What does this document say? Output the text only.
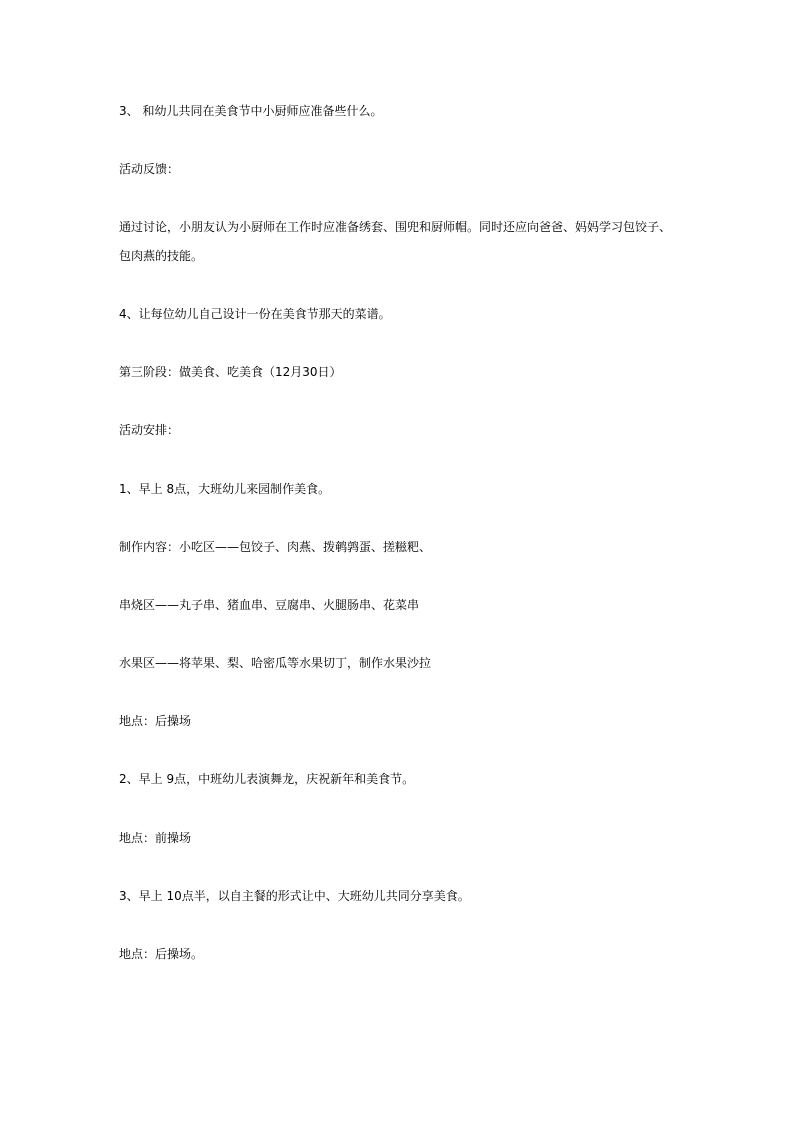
3、 和幼儿共同在美食节中小厨师应准备些什么。
活动反馈：
通过讨论，小朋友认为小厨师在工作时应准备绣套、围兜和厨师帽。同时还应向爸爸、妈妈学习包饺子、
包肉燕的技能。
4、让每位幼儿自己设计一份在美食节那天的菜谱。
第三阶段：做美食、吃美食（12月30日）
活动安排：
1、早上 8点，大班幼儿来园制作美食。
制作内容：小吃区——包饺子、肉燕、拨鹌鹑蛋、搓糍粑、
串烧区——丸子串、猪血串、豆腐串、火腿肠串、花菜串
水果区——将苹果、梨、哈密瓜等水果切丁，制作水果沙拉
地点：后操场
2、早上 9点，中班幼儿表演舞龙，庆祝新年和美食节。
地点：前操场
3、早上 10点半，以自主餐的形式让中、大班幼儿共同分享美食。
地点：后操场。
